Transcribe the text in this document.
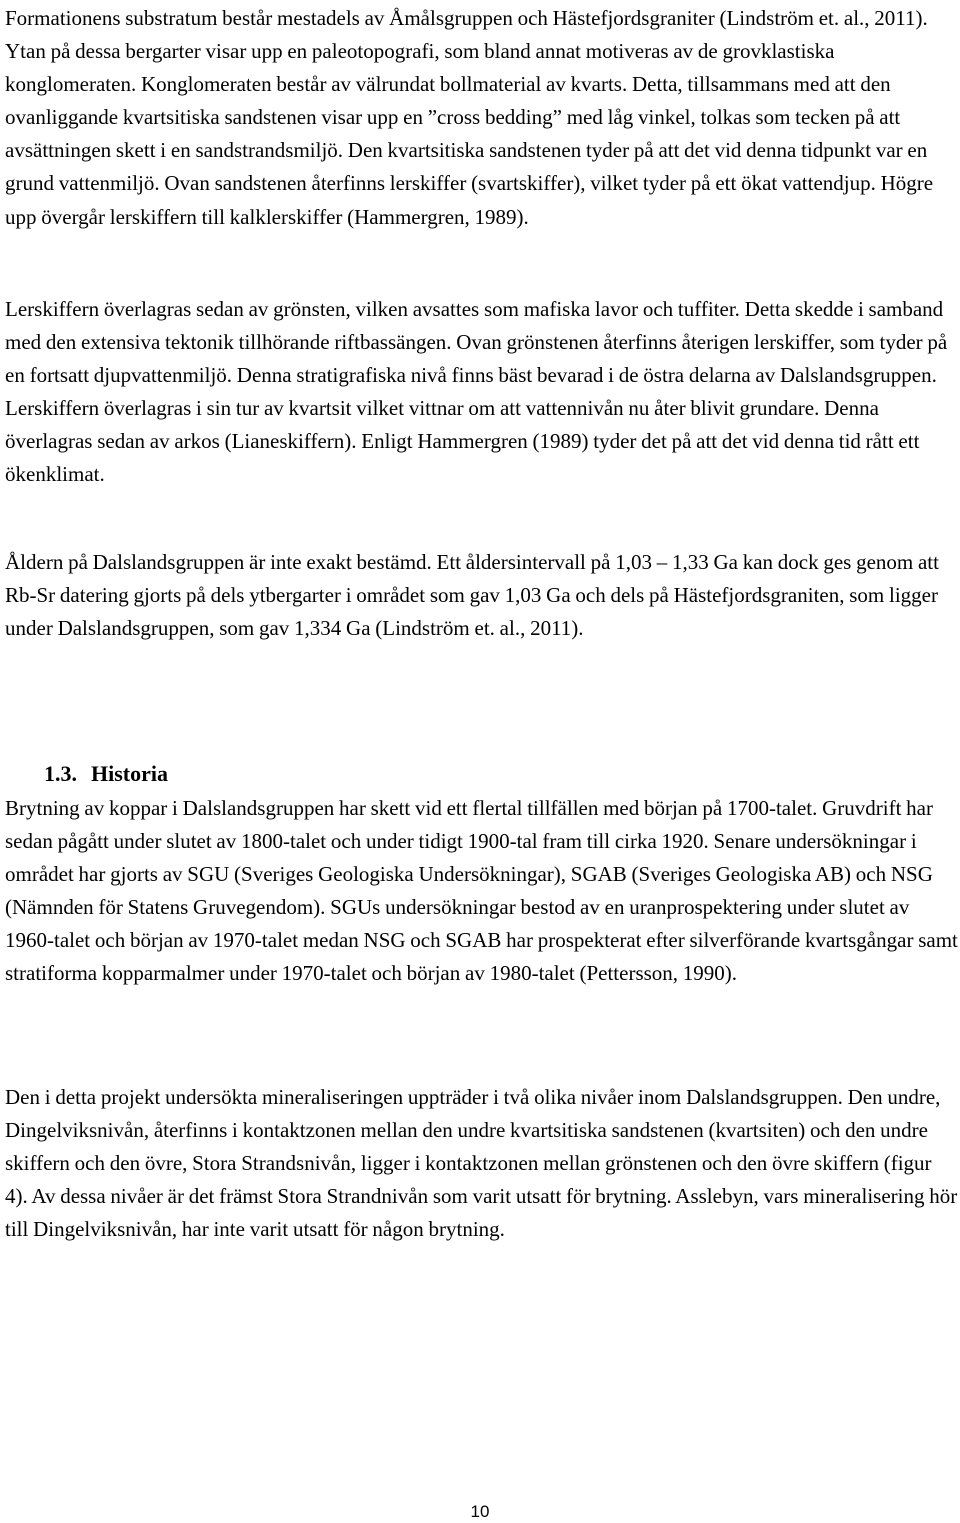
Formationens substratum består mestadels av Åmålsgruppen och Hästefjordsgraniter (Lindström et. al., 2011). Ytan på dessa bergarter visar upp en paleotopografi, som bland annat motiveras av de grovklastiska konglomeraten. Konglomeraten består av välrundat bollmaterial av kvarts. Detta, tillsammans med att den ovanliggande kvartsitiska sandstenen visar upp en ”cross bedding” med låg vinkel, tolkas som tecken på att avsättningen skett i en sandstrandsmiljö. Den kvartsitiska sandstenen tyder på att det vid denna tidpunkt var en grund vattenmiljö. Ovan sandstenen återfinns lerskiffer (svartskiffer), vilket tyder på ett ökat vattendjup. Högre upp övergår lerskiffern till kalklerskiffer (Hammergren, 1989).

Lerskiffern överlagras sedan av grönsten, vilken avsattes som mafiska lavor och tuffiter. Detta skedde i samband med den extensiva tektonik tillhörande riftbassängen. Ovan grönstenen återfinns återigen lerskiffer, som tyder på en fortsatt djupvattenmiljö. Denna stratigrafiska nivå finns bäst bevarad i de östra delarna av Dalslandsgruppen. Lerskiffern överlagras i sin tur av kvartsit vilket vittnar om att vattennivån nu åter blivit grundare. Denna överlagras sedan av arkos (Lianeskiffern). Enligt Hammergren (1989) tyder det på att det vid denna tid rått ett ökenklimat.

Åldern på Dalslandsgruppen är inte exakt bestämd. Ett åldersintervall på 1,03 – 1,33 Ga kan dock ges genom att Rb-Sr datering gjorts på dels ytbergarter i området som gav 1,03 Ga och dels på Hästefjordsgraniten, som ligger under Dalslandsgruppen, som gav 1,334 Ga (Lindström et. al., 2011).

1.3. Historia

Brytning av koppar i Dalslandsgruppen har skett vid ett flertal tillfällen med början på 1700-talet. Gruvdrift har sedan pågått under slutet av 1800-talet och under tidigt 1900-tal fram till cirka 1920. Senare undersökningar i området har gjorts av SGU (Sveriges Geologiska Undersökningar), SGAB (Sveriges Geologiska AB) och NSG (Nämnden för Statens Gruvegendom). SGUs undersökningar bestod av en uranprospektering under slutet av 1960-talet och början av 1970-talet medan NSG och SGAB har prospekterat efter silverförande kvartsgångar samt stratiforma kopparmalmer under 1970-talet och början av 1980-talet (Pettersson, 1990).

Den i detta projekt undersökta mineraliseringen uppträder i två olika nivåer inom Dalslandsgruppen. Den undre, Dingelviksnivån, återfinns i kontaktzonen mellan den undre kvartsitiska sandstenen (kvartsiten) och den undre skiffern och den övre, Stora Strandsnivån, ligger i kontaktzonen mellan grönstenen och den övre skiffern (figur 4). Av dessa nivåer är det främst Stora Strandnivån som varit utsatt för brytning. Asslebyn, vars mineralisering hör till Dingelviksnivån, har inte varit utsatt för någon brytning.

10
